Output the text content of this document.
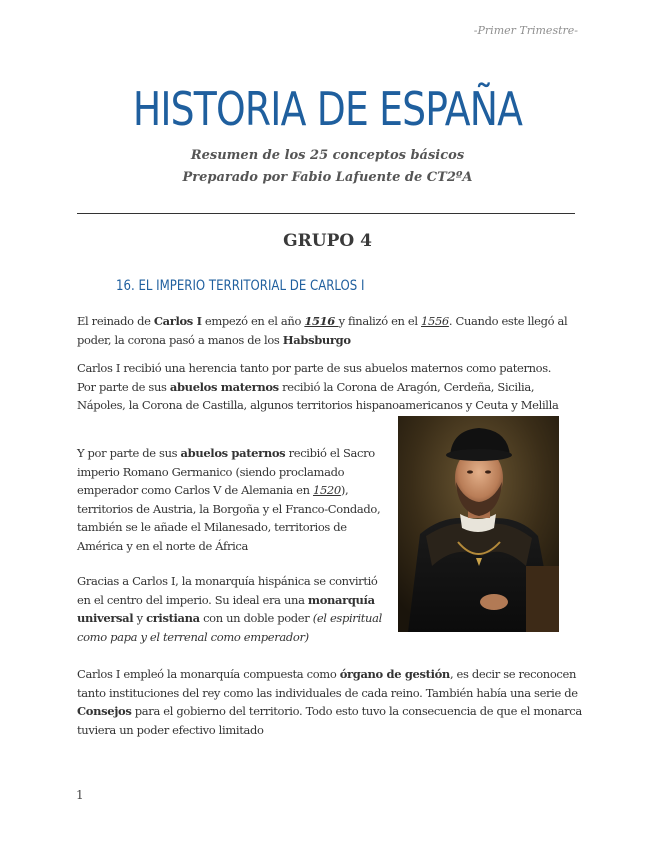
-Primer Trimestre-
HISTORIA DE ESPAÑA
Resumen de los 25 conceptos básicos
Preparado por Fabio Lafuente de CT2ºA
GRUPO 4
16. EL IMPERIO TERRITORIAL DE CARLOS I

El reinado de Carlos I empezó en el año 1516 y finalizó en el 1556. Cuando este llegó al poder, la corona pasó a manos de los Habsburgo

Carlos I recibió una herencia tanto por parte de sus abuelos maternos como paternos. Por parte de sus abuelos maternos recibió la Corona de Aragón, Cerdeña, Sicilia, Nápoles, la Corona de Castilla, algunos territorios hispanoamericanos y Ceuta y Melilla

Y por parte de sus abuelos paternos recibió el Sacro imperio Romano Germanico (siendo proclamado emperador como Carlos V de Alemania en 1520), territorios de Austria, la Borgoña y el Franco-Condado, también se le añade el Milanesado, territorios de América y en el norte de África

Gracias a Carlos I, la monarquía hispánica se convirtió en el centro del imperio. Su ideal era una monarquía universal y cristiana con un doble poder (el espiritual como papa y el terrenal como emperador)

Carlos I empleó la monarquía compuesta como órgano de gestión, es decir se reconocen tanto instituciones del rey como las individuales de cada reino. También había una serie de Consejos para el gobierno del territorio. Todo esto tuvo la consecuencia de que el monarca tuviera un poder efectivo limitado

1
